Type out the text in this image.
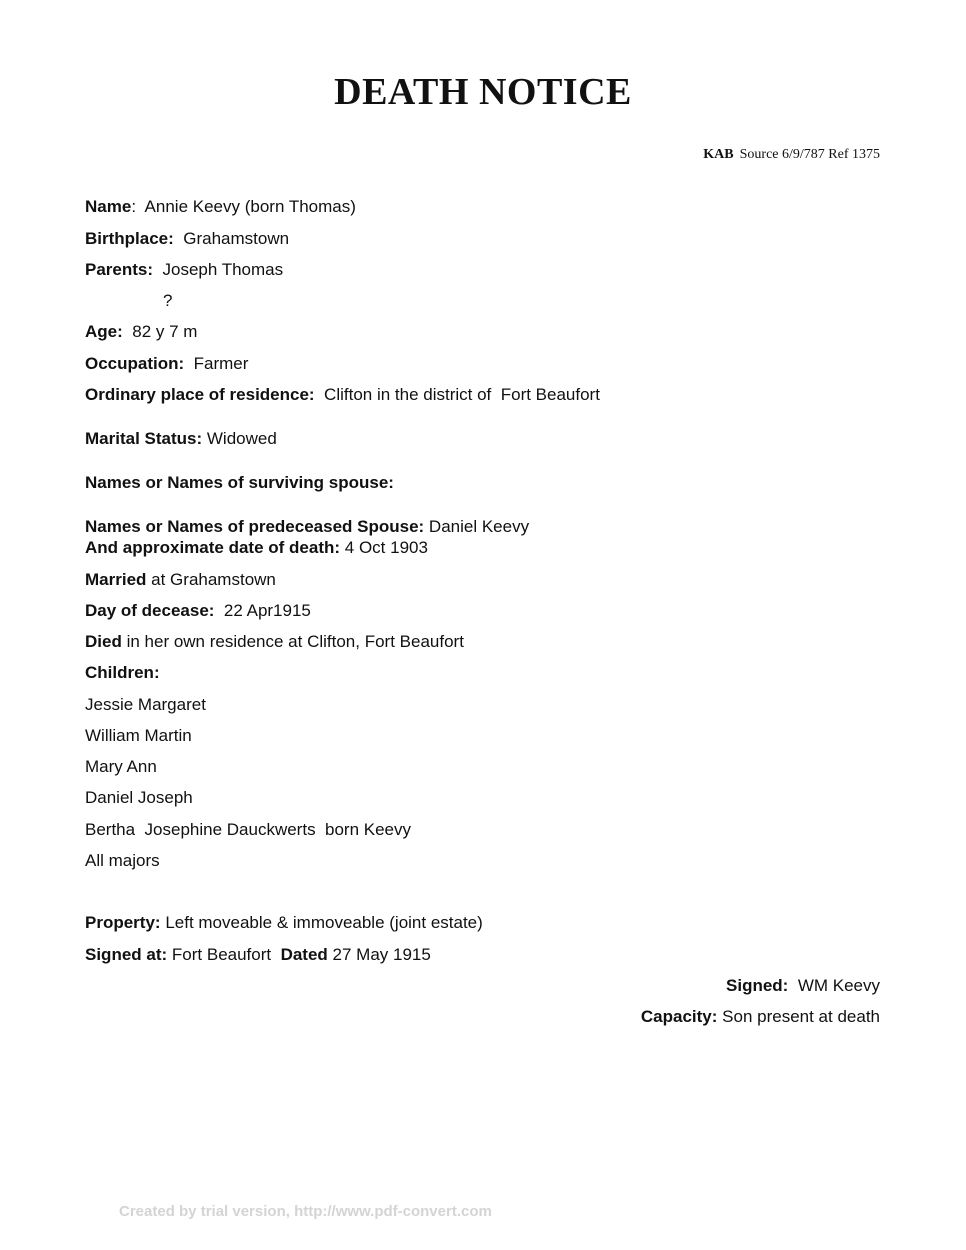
DEATH NOTICE
KAB Source 6/9/787 Ref 1375
Name:  Annie Keevy (born Thomas)
Birthplace: Grahamstown
Parents: Joseph Thomas
?
Age: 82 y 7 m
Occupation: Farmer
Ordinary place of residence: Clifton in the district of  Fort Beaufort
Marital Status: Widowed
Names or Names of surviving spouse:
Names or Names of predeceased Spouse: Daniel Keevy
And approximate date of death: 4 Oct 1903
Married at Grahamstown
Day of decease: 22 Apr1915
Died in her own residence at Clifton, Fort Beaufort
Children:
Jessie Margaret
William Martin
Mary Ann
Daniel Joseph
Bertha  Josephine Dauckwerts  born Keevy
All majors
Property: Left moveable & immoveable (joint estate)
Signed at: Fort Beaufort Dated 27 May 1915
Signed: WM Keevy
Capacity: Son present at death
Created by trial version, http://www.pdf-convert.com
